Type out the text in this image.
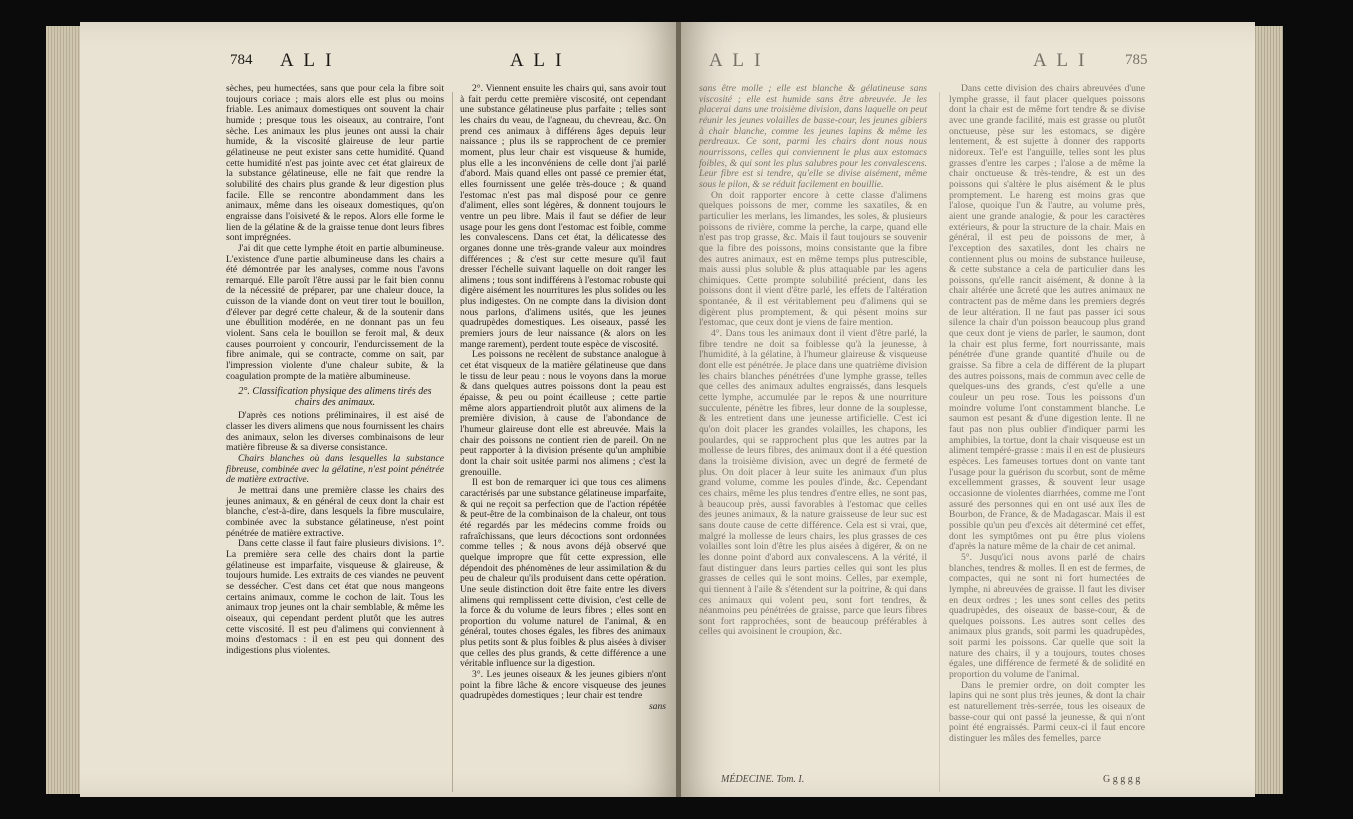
784 A L I	A L I

sèches, peu humectées, sans que pour cela la fibre soit toujours coriace ; mais alors elle est plus ou moins friable. Les animaux domestiques ont souvent la chair humide ; presque tous les oiseaux, au contraire, l'ont sèche. Les animaux les plus jeunes ont aussi la chair humide, & la viscosité glaireuse de leur partie gélatineuse ne peut exister sans cette humidité. Quand cette humidité n'est pas jointe avec cet état glaireux de la substance gélatineuse, elle ne fait que rendre la solubilité des chairs plus grande & leur digestion plus facile. Elle se rencontre abondamment dans les animaux, même dans les oiseaux domestiques, qu'on engraisse dans l'oisiveté & le repos. Alors elle forme le lien de la gélatine & de la graisse tenue dont leurs fibres sont imprégnées.

J'ai dit que cette lymphe étoit en partie albumineuse. L'existence d'une partie albumineuse dans les chairs a été démontrée par les analyses, comme nous l'avons remarqué. Elle paroît l'être aussi par le fait bien connu de la nécessité de préparer, par une chaleur douce, la cuisson de la viande dont on veut tirer tout le bouillon, d'élever par degré cette chaleur, & de la soutenir dans une ébullition modérée, en ne donnant pas un feu violent. Sans cela le bouillon se feroit mal, & deux causes pourroient y concourir, l'endurcissement de la fibre animale, qui se contracte, comme on sait, par l'impression violente d'une chaleur subite, & la coagulation prompte de la matière albumineuse.

2°. Classification physique des alimens tirés des chairs des animaux.

D'après ces notions préliminaires, il est aisé de classer les divers alimens que nous fournissent les chairs des animaux, selon les diverses combinaisons de leur matière fibreuse & sa diverse consistance.

Chairs blanches où dans lesquelles la substance fibreuse, combinée avec la gélatine, n'est point pénétrée de matière extractive.

Je mettrai dans une première classe les chairs des jeunes animaux, & en général de ceux dont la chair est blanche, c'est-à-dire, dans lesquels la fibre musculaire, combinée avec la substance gélatineuse, n'est point pénétrée de matière extractive.

Dans cette classe il faut faire plusieurs divisions. 1°. La première sera celle des chairs dont la partie gélatineuse est imparfaite, visqueuse & glaireuse, & toujours humide. Les extraits de ces viandes ne peuvent se dessécher. C'est dans cet état que nous mangeons certains animaux, comme le cochon de lait. Tous les animaux trop jeunes ont la chair semblable, & même les oiseaux, qui cependant perdent plutôt que les autres cette viscosité. Il est peu d'alimens qui conviennent à moins d'estomacs : il en est peu qui donnent des indigestions plus violentes.

2°. Viennent ensuite les chairs qui, sans avoir tout à fait perdu cette première viscosité, ont cependant une substance gélatineuse plus parfaite ; telles sont les chairs du veau, de l'agneau, du chevreau, &c. On prend ces animaux à différens âges depuis leur naissance ; plus ils se rapprochent de ce premier moment, plus leur chair est visqueuse & humide, plus elle a les inconvéniens de celle dont j'ai parlé d'abord. Mais quand elles ont passé ce premier état, elles fournissent une gelée très-douce ; & quand l'estomac n'est pas mal disposé pour ce genre d'aliment, elles sont légères, & donnent toujours le ventre un peu libre. Mais il faut se défier de leur usage pour les gens dont l'estomac est foible, comme les convalescens. Dans cet état, la délicatesse des organes donne une très-grande valeur aux moindres différences ; & c'est sur cette mesure qu'il faut dresser l'échelle suivant laquelle on doit ranger les alimens ; tous sont indifférens à l'estomac robuste qui digère aisément les nourritures les plus solides ou les plus indigestes. On ne compte dans la division dont nous parlons, d'alimens usités, que les jeunes quadrupèdes domestiques. Les oiseaux, passé les premiers jours de leur naissance (& alors on les mange rarement), perdent toute espèce de viscosité.

Les poissons ne recèlent de substance analogue à cet état visqueux de la matière gélatineuse que dans le tissu de leur peau : nous le voyons dans la morue & dans quelques autres poissons dont la peau est épaisse, & peu ou point écailleuse ; cette partie même alors appartiendroit plutôt aux alimens de la première division, à cause de l'abondance de l'humeur glaireuse dont elle est abreuvée. Mais la chair des poissons ne contient rien de pareil. On ne peut rapporter à la division présente qu'un amphibie dont la chair soit usitée parmi nos alimens ; c'est la grenouille.

Il est bon de remarquer ici que tous ces alimens caractérisés par une substance gélatineuse imparfaite, & qui ne reçoit sa perfection que de l'action répétée & peut-être de la combinaison de la chaleur, ont tous été regardés par les médecins comme froids ou rafraîchissans, que leurs décoctions sont ordonnées comme telles ; & nous avons déjà observé que quelque impropre que fût cette expression, elle dépendoit des phénomènes de leur assimilation & du peu de chaleur qu'ils produisent dans cette opération. Une seule distinction doit être faite entre les divers alimens qui remplissent cette division, c'est celle de la force & du volume de leurs fibres ; elles sont en proportion du volume naturel de l'animal, & en général, toutes choses égales, les fibres des animaux plus petits sont & plus foibles & plus aisées à diviser que celles des plus grands, & cette différence a une véritable influence sur la digestion.

3°. Les jeunes oiseaux & les jeunes gibiers n'ont point la fibre lâche & encore visqueuse des jeunes quadrupèdes domestiques ; leur chair est tendre

sans

A L I	A L I	785

sans être molle ; elle est blanche & gélatineuse sans viscosité ; elle est humide sans être abreuvée. Je les placerai dans une troisième division, dans laquelle on peut réunir les jeunes volailles de basse-cour, les jeunes gibiers à chair blanche, comme les jeunes lapins & même les perdreaux. Ce sont, parmi les chairs dont nous nous nourrissons, celles qui conviennent le plus aux estomacs foibles, & qui sont les plus salubres pour les convalescens. Leur fibre est si tendre, qu'elle se divise aisément, même sous le pilon, & se réduit facilement en bouillie.

On doit rapporter encore à cette classe d'alimens quelques poissons de mer, comme les saxatiles, & en particulier les merlans, les limandes, les soles, & plusieurs poissons de rivière, comme la perche, la carpe, quand elle n'est pas trop grasse, &c. Mais il faut toujours se souvenir que la fibre des poissons, moins consistante que la fibre des autres animaux, est en même temps plus putrescible, mais aussi plus soluble & plus attaquable par les agens chimiques. Cette prompte solubilité précient, dans les poissons dont il vient d'être parlé, les effets de l'altération spontanée, & il est véritablement peu d'alimens qui se digèrent plus promptement, & qui pèsent moins sur l'estomac, que ceux dont je viens de faire mention.

4°. Dans tous les animaux dont il vient d'être parlé, la fibre tendre ne doit sa foiblesse qu'à la jeunesse, à l'humidité, à la gélatine, à l'humeur glaireuse & visqueuse dont elle est pénétrée. Je place dans une quatrième division les chairs blanches pénétrées d'une lymphe grasse, telles que celles des animaux adultes engraissés, dans lesquels cette lymphe, accumulée par le repos & une nourriture succulente, pénètre les fibres, leur donne de la souplesse, & les entretient dans une jeunesse artificielle. C'est ici qu'on doit placer les grandes volailles, les chapons, les poulardes, qui se rapprochent plus que les autres par la mollesse de leurs fibres, des animaux dont il a été question dans la troisième division, avec un degré de fermeté de plus. On doit placer à leur suite les animaux d'un plus grand volume, comme les poules d'inde, &c. Cependant ces chairs, même les plus tendres d'entre elles, ne sont pas, à beaucoup près, aussi favorables à l'estomac que celles des jeunes animaux, & la nature graisseuse de leur suc est sans doute cause de cette différence. Cela est si vrai, que, malgré la mollesse de leurs chairs, les plus grasses de ces volailles sont loin d'être les plus aisées à digérer, & on ne les donne point d'abord aux convalescens. A la vérité, il faut distinguer dans leurs parties celles qui sont les plus grasses de celles qui le sont moins. Celles, par exemple, qui tiennent à l'aile & s'étendent sur la poitrine, & qui dans ces animaux qui volent peu, sont fort tendres, & néanmoins peu pénétrées de graisse, parce que leurs fibres sont fort rapprochées, sont de beaucoup préférables à celles qui avoisinent le croupion, &c.

MÉDECINE. Tom. I.

Dans cette division des chairs abreuvées d'une lymphe grasse, il faut placer quelques poissons dont la chair est de même fort tendre & se divise avec une grande facilité, mais est grasse ou plutôt onctueuse, pèse sur les estomacs, se digère lentement, & est sujette à donner des rapports nidoreux. Tel'e est l'anguille, telles sont les plus grasses d'entre les carpes ; l'alose a de même la chair onctueuse & très-tendre, & est un des poissons qui s'altère le plus aisément & le plus promptement. Le hareng est moins gras que l'alose, quoique l'un & l'autre, au volume près, aient une grande analogie, & pour les caractères extérieurs, & pour la structure de la chair. Mais en général, il est peu de poissons de mer, à l'exception des saxatiles, dont les chairs ne contiennent plus ou moins de substance huileuse, & cette substance a cela de particulier dans les poissons, qu'elle rancit aisément, & donne à la chair altérée une âcreté que les autres animaux ne contractent pas de même dans les premiers degrés de leur altération. Il ne faut pas passer ici sous silence la chair d'un poisson beaucoup plus grand que ceux dont je viens de parler, le saumon, dont la chair est plus ferme, fort nourrissante, mais pénétrée d'une grande quantité d'huile ou de graisse. Sa fibre a cela de différent de la plupart des autres poissons, mais de commun avec celle de quelques-uns des grands, c'est qu'elle a une couleur un peu rose. Tous les poissons d'un moindre volume l'ont constamment blanche. Le saumon est pesant & d'une digestion lente. Il ne faut pas non plus oublier d'indiquer parmi les amphibies, la tortue, dont la chair visqueuse est un aliment tempéré-grasse : mais il en est de plusieurs espèces. Les fameuses tortues dont on vante tant l'usage pour la guérison du scorbut, sont de même excellemment grasses, & souvent leur usage occasionne de violentes diarrhées, comme me l'ont assuré des personnes qui en ont usé aux îles de Bourbon, de France, & de Madagascar. Mais il est possible qu'un peu d'excès ait déterminé cet effet, dont les symptômes ont pu être plus violens d'après la nature même de la chair de cet animal.

5°. Jusqu'ici nous avons parlé de chairs blanches, tendres & molles. Il en est de fermes, de compactes, qui ne sont ni fort humectées de lymphe, ni abreuvées de graisse. Il faut les diviser en deux ordres ; les unes sont celles des petits quadrupèdes, des oiseaux de basse-cour, & de quelques poissons. Les autres sont celles des animaux plus grands, soit parmi les quadrupèdes, soit parmi les poissons. Car quelle que soit la nature des chairs, il y a toujours, toutes choses égales, une différence de fermeté & de solidité en proportion du volume de l'animal.

Dans le premier ordre, on doit compter les lapins qui ne sont plus très jeunes, & dont la chair est naturellement très-serrée, tous les oiseaux de basse-cour qui ont passé la jeunesse, & qui n'ont point été engraissés. Parmi ceux-ci il faut encore distinguer les mâles des femelles, parce

G g g g g
